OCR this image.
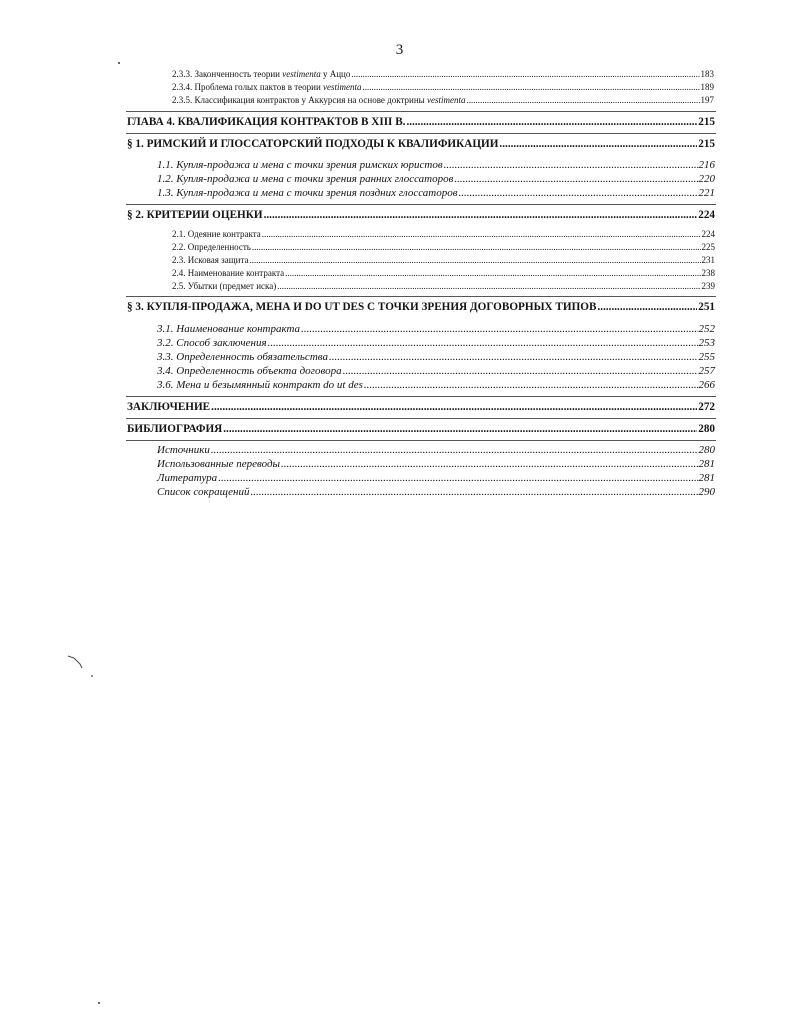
3
2.3.3. Законченность теории vestimenta у Аццо .....	183
2.3.4. Проблема голых пактов в теории vestimenta .....	189
2.3.5. Классификация контрактов у Аккурсия на основе доктрины vestimenta .....	197
ГЛАВА 4. КВАЛИФИКАЦИЯ КОНТРАКТОВ В XIII В. .....	215
§ 1. РИМСКИЙ И ГЛОССАТОРСКИЙ ПОДХОДЫ К КВАЛИФИКАЦИИ .....	215
1.1. Купля-продажа и мена с точки зрения римских юристов .....	216
1.2. Купля-продажа и мена с точки зрения ранних глоссаторов .....	220
1.3. Купля-продажа и мена с точки зрения поздних глоссаторов .....	221
§ 2. КРИТЕРИИ ОЦЕНКИ .....	224
2.1. Одеяние контракта .....	224
2.2. Определенность .....	225
2.3. Исковая защита .....	231
2.4. Наименование контракта .....	238
2.5. Убытки (предмет иска) .....	239
§ 3. КУПЛЯ-ПРОДАЖА, МЕНА И DO UT DES С ТОЧКИ ЗРЕНИЯ ДОГОВОРНЫХ ТИПОВ .....	251
3.1. Наименование контракта .....	252
3.2. Способ заключения .....	253
3.3. Определенность обязательства .....	255
3.4. Определенность объекта договора .....	257
3.6. Мена и безымянный контракт do ut des .....	266
ЗАКЛЮЧЕНИЕ .....	272
БИБЛИОГРАФИЯ .....	280
Источники .....	280
Использованные переводы .....	281
Литература .....	281
Список сокращений .....	290
